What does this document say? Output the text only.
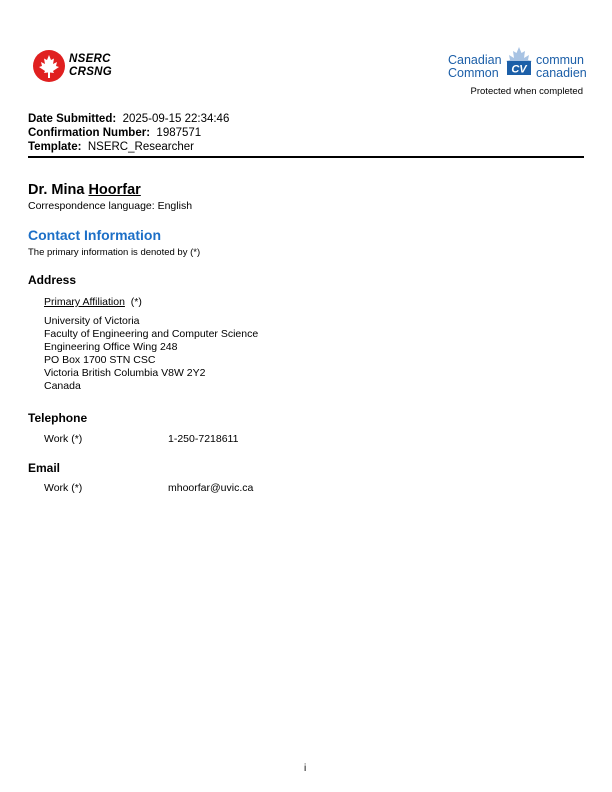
NSERC
CRSNG
Canadian
Common CV
commun
canadien
Protected when completed
Date Submitted: 2025-09-15 22:34:46
Confirmation Number: 1987571
Template: NSERC_Researcher
Dr. Mina Hoorfar
Correspondence language: English
Contact Information
The primary information is denoted by (*)
Address
Primary Affiliation (*)
University of Victoria
Faculty of Engineering and Computer Science
Engineering Office Wing 248
PO Box 1700 STN CSC
Victoria British Columbia V8W 2Y2
Canada
Telephone
Work (*)	1-250-7218611
Email
Work (*)	mhoorfar@uvic.ca
i
